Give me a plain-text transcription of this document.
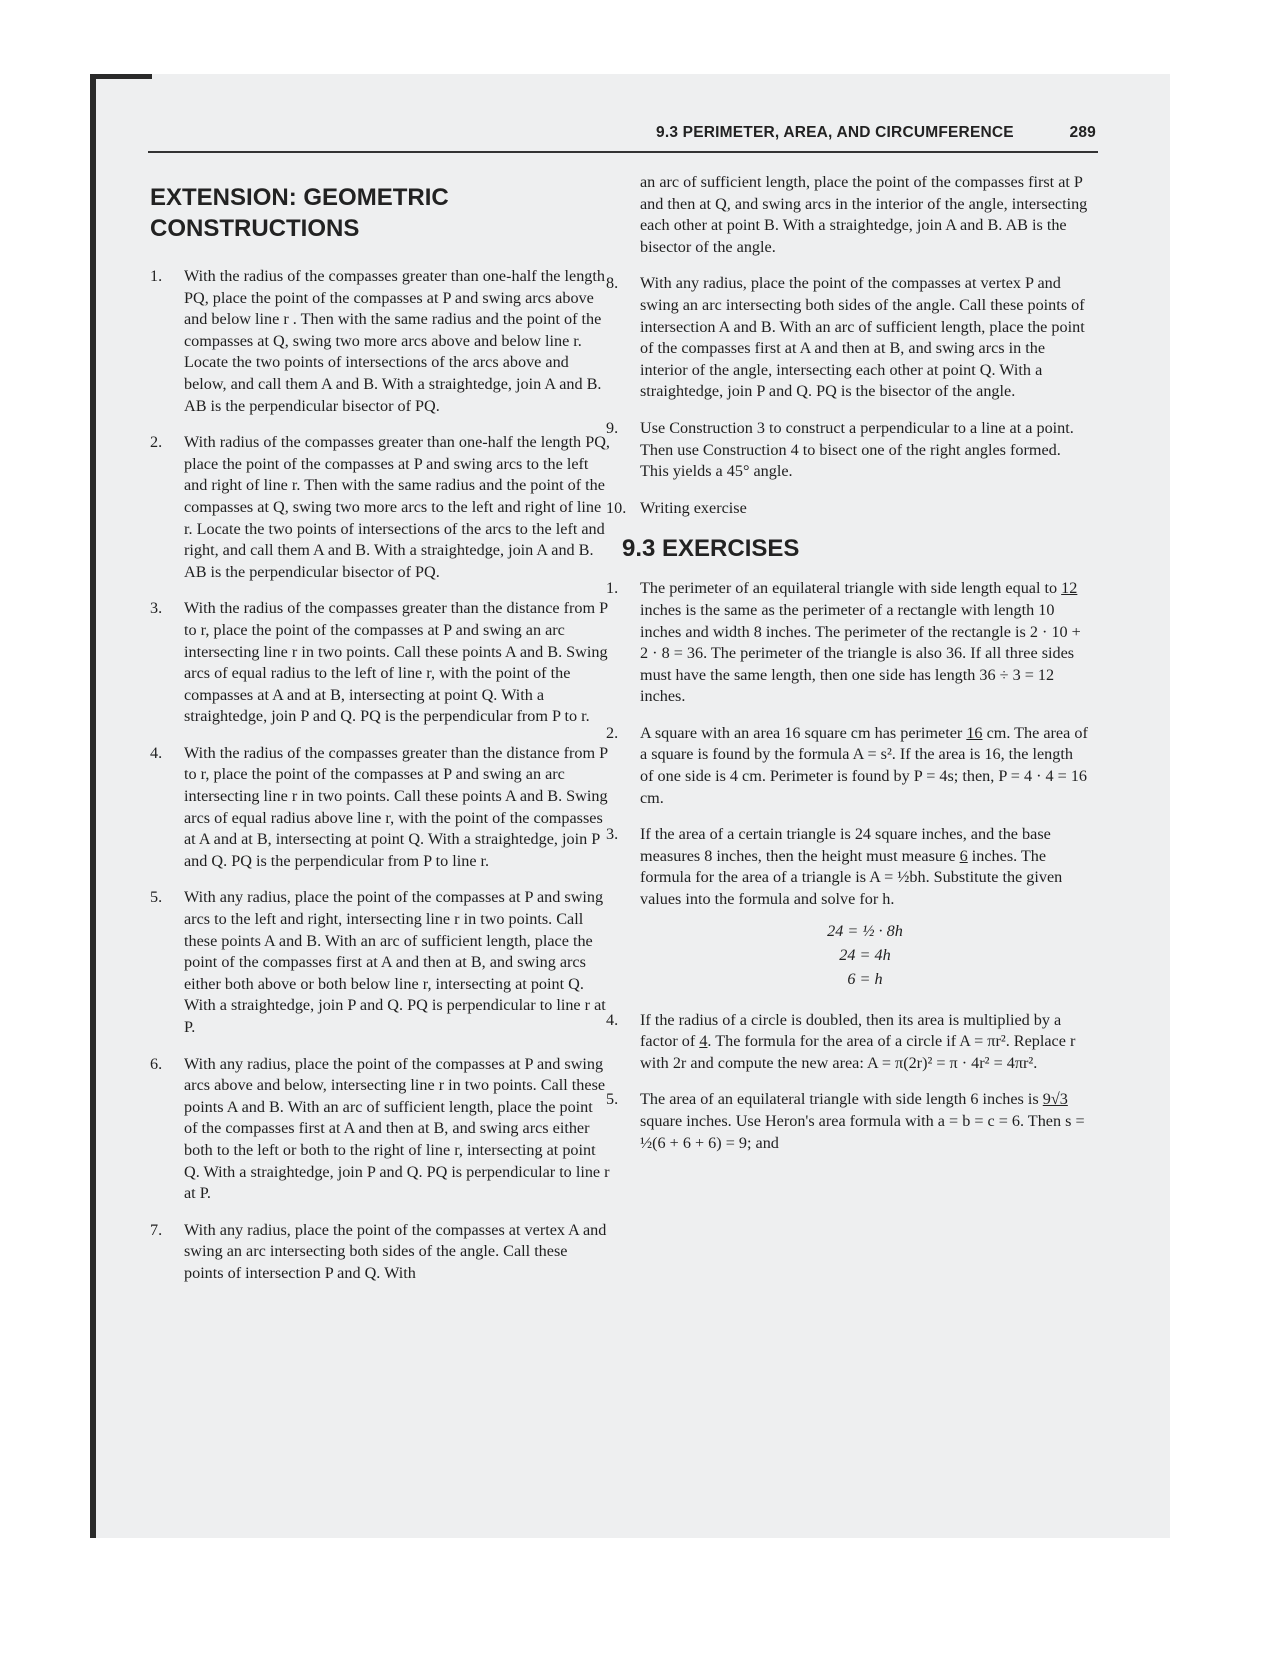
9.3 PERIMETER, AREA, AND CIRCUMFERENCE	289
EXTENSION: GEOMETRIC
CONSTRUCTIONS
1.	With the radius of the compasses greater than one-half the length PQ, place the point of the compasses at P and swing arcs above and below line r . Then with the same radius and the point of the compasses at Q, swing two more arcs above and below line r. Locate the two points of intersections of the arcs above and below, and call them A and B. With a straightedge, join A and B. AB is the perpendicular bisector of PQ.
2.	With radius of the compasses greater than one-half the length PQ, place the point of the compasses at P and swing arcs to the left and right of line r. Then with the same radius and the point of the compasses at Q, swing two more arcs to the left and right of line r. Locate the two points of intersections of the arcs to the left and right, and call them A and B. With a straightedge, join A and B. AB is the perpendicular bisector of PQ.
3.	With the radius of the compasses greater than the distance from P to r, place the point of the compasses at P and swing an arc intersecting line r in two points. Call these points A and B. Swing arcs of equal radius to the left of line r, with the point of the compasses at A and at B, intersecting at point Q. With a straightedge, join P and Q. PQ is the perpendicular from P to r.
4.	With the radius of the compasses greater than the distance from P to r, place the point of the compasses at P and swing an arc intersecting line r in two points. Call these points A and B. Swing arcs of equal radius above line r, with the point of the compasses at A and at B, intersecting at point Q. With a straightedge, join P and Q. PQ is the perpendicular from P to line r.
5.	With any radius, place the point of the compasses at P and swing arcs to the left and right, intersecting line r in two points. Call these points A and B. With an arc of sufficient length, place the point of the compasses first at A and then at B, and swing arcs either both above or both below line r, intersecting at point Q. With a straightedge, join P and Q. PQ is perpendicular to line r at P.
6.	With any radius, place the point of the compasses at P and swing arcs above and below, intersecting line r in two points. Call these points A and B. With an arc of sufficient length, place the point of the compasses first at A and then at B, and swing arcs either both to the left or both to the right of line r, intersecting at point Q. With a straightedge, join P and Q. PQ is perpendicular to line r at P.
7.	With any radius, place the point of the compasses at vertex A and swing an arc intersecting both sides of the angle. Call these points of intersection P and Q. With
an arc of sufficient length, place the point of the compasses first at P and then at Q, and swing arcs in the interior of the angle, intersecting each other at point B. With a straightedge, join A and B. AB is the bisector of the angle.
8.	With any radius, place the point of the compasses at vertex P and swing an arc intersecting both sides of the angle. Call these points of intersection A and B. With an arc of sufficient length, place the point of the compasses first at A and then at B, and swing arcs in the interior of the angle, intersecting each other at point Q. With a straightedge, join P and Q. PQ is the bisector of the angle.
9.	Use Construction 3 to construct a perpendicular to a line at a point. Then use Construction 4 to bisect one of the right angles formed. This yields a 45° angle.
10. Writing exercise
9.3 EXERCISES
1.	The perimeter of an equilateral triangle with side length equal to 12 inches is the same as the perimeter of a rectangle with length 10 inches and width 8 inches. The perimeter of the rectangle is 2 · 10 + 2 · 8 = 36. The perimeter of the triangle is also 36. If all three sides must have the same length, then one side has length 36 ÷ 3 = 12 inches.
2.	A square with an area 16 square cm has perimeter 16 cm. The area of a square is found by the formula A = s². If the area is 16, the length of one side is 4 cm. Perimeter is found by P = 4s; then, P = 4 · 4 = 16 cm.
3.	If the area of a certain triangle is 24 square inches, and the base measures 8 inches, then the height must measure 6 inches. The formula for the area of a triangle is A = ½bh. Substitute the given values into the formula and solve for h.
24 = ½ · 8h
24 = 4h
6 = h
4.	If the radius of a circle is doubled, then its area is multiplied by a factor of 4. The formula for the area of a circle if A = πr². Replace r with 2r and compute the new area: A = π(2r)² = π · 4r² = 4πr².
5.	The area of an equilateral triangle with side length 6 inches is 9√3 square inches. Use Heron's area formula with a = b = c = 6. Then s = ½(6 + 6 + 6) = 9; and
